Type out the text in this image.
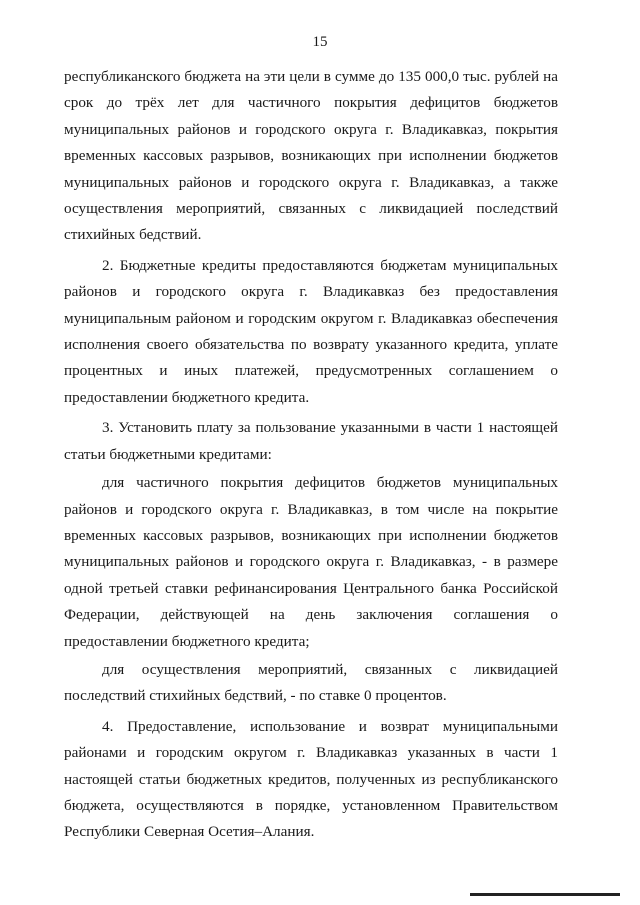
15

республиканского бюджета на эти цели в сумме до 135 000,0 тыс. рублей на срок до трёх лет для частичного покрытия дефицитов бюджетов муниципальных районов и городского округа г. Владикавказ, покрытия временных кассовых разрывов, возникающих при исполнении бюджетов муниципальных районов и городского округа г. Владикавказ, а также осуществления мероприятий, связанных с ликвидацией последствий стихийных бедствий.

2. Бюджетные кредиты предоставляются бюджетам муниципальных районов и городского округа г. Владикавказ без предоставления муниципальным районом и городским округом г. Владикавказ обеспечения исполнения своего обязательства по возврату указанного кредита, уплате процентных и иных платежей, предусмотренных соглашением о предоставлении бюджетного кредита.

3. Установить плату за пользование указанными в части 1 настоящей статьи бюджетными кредитами:

для частичного покрытия дефицитов бюджетов муниципальных районов и городского округа г. Владикавказ, в том числе на покрытие временных кассовых разрывов, возникающих при исполнении бюджетов муниципальных районов и городского округа г. Владикавказ, - в размере одной третьей ставки рефинансирования Центрального банка Российской Федерации, действующей на день заключения соглашения о предоставлении бюджетного кредита;

для осуществления мероприятий, связанных с ликвидацией последствий стихийных бедствий, - по ставке 0 процентов.

4. Предоставление, использование и возврат муниципальными районами и городским округом г. Владикавказ указанных в части 1 настоящей статьи бюджетных кредитов, полученных из республиканского бюджета, осуществляются в порядке, установленном Правительством Республики Северная Осетия–Алания.
